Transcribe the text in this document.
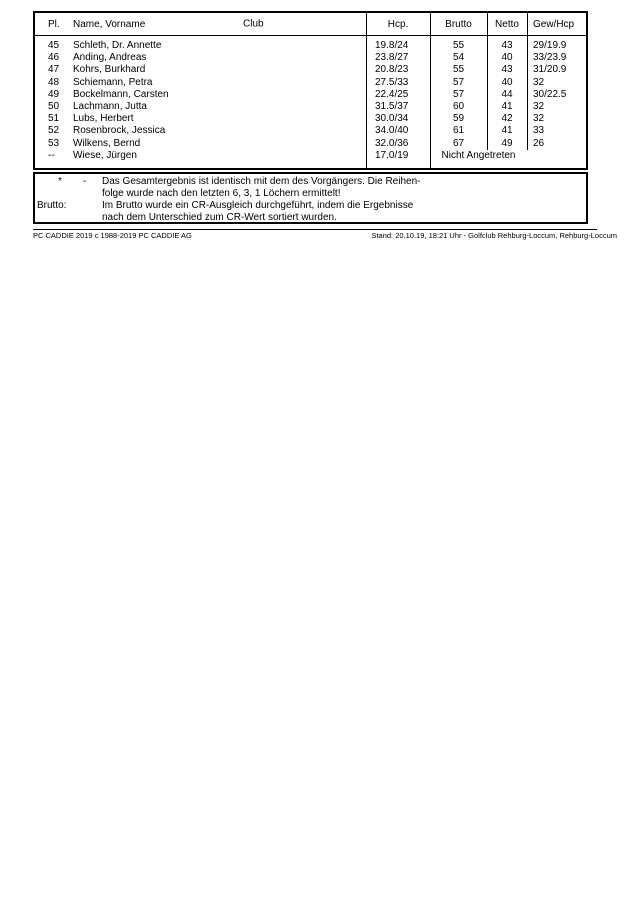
Pl.	Name, Vorname	Club	Hcp.	Brutto	Netto	Gew/Hcp
45	Schleth, Dr. Annette	19.8/24	55	43	29/19.9
46	Anding, Andreas	23.8/27	54	40	33/23.9
47	Kohrs, Burkhard	20.8/23	55	43	31/20.9
48	Schiemann, Petra	27.5/33	57	40	32
49	Bockelmann, Carsten	22.4/25	57	44	30/22.5
50	Lachmann, Jutta	31.5/37	60	41	32
51	Lubs, Herbert	30.0/34	59	42	32
52	Rosenbrock, Jessica	34.0/40	61	41	33
53	Wilkens, Bernd	32.0/36	67	49	26
--	Wiese, Jürgen	17.0/19	Nicht Angetreten
* - Das Gesamtergebnis ist identisch mit dem des Vorgängers. Die Reihen-
folge wurde nach den letzten 6, 3, 1 Löchern ermittelt!
Brutto:	Im Brutto wurde ein CR-Ausgleich durchgeführt, indem die Ergebnisse
nach dem Unterschied zum CR-Wert sortiert wurden.
PC CADDIE 2019 c 1988-2019 PC CADDIE AG	Stand: 20.10.19, 18:21 Uhr - Golfclub Rehburg-Loccum, Rehburg-Loccum
